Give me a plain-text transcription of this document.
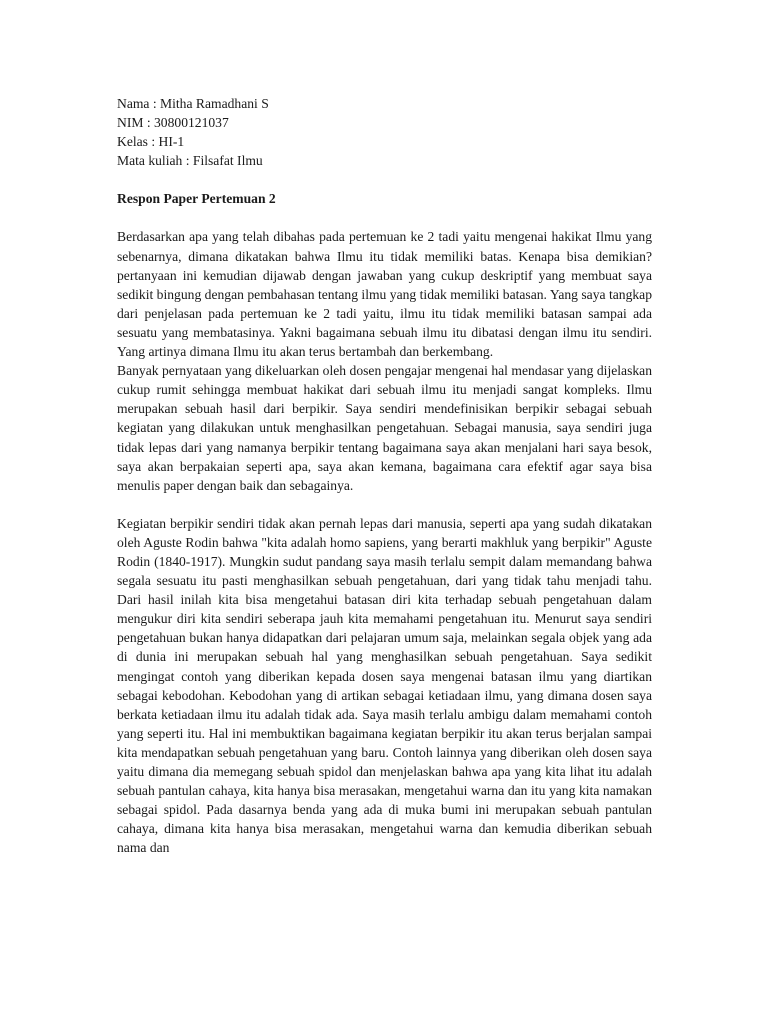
Nama : Mitha Ramadhani S
NIM : 30800121037
Kelas : HI-1
Mata kuliah : Filsafat Ilmu
Respon Paper Pertemuan 2

Berdasarkan apa yang telah dibahas pada pertemuan ke 2 tadi yaitu mengenai hakikat Ilmu yang sebenarnya, dimana dikatakan bahwa Ilmu itu tidak memiliki batas. Kenapa bisa demikian? pertanyaan ini kemudian dijawab dengan jawaban yang cukup deskriptif yang membuat saya sedikit bingung dengan pembahasan tentang ilmu yang tidak memiliki batasan. Yang saya tangkap dari penjelasan pada pertemuan ke 2 tadi yaitu, ilmu itu tidak memiliki batasan sampai ada sesuatu yang membatasinya. Yakni bagaimana sebuah ilmu itu dibatasi dengan ilmu itu sendiri. Yang artinya dimana Ilmu itu akan terus bertambah dan berkembang.

Banyak pernyataan yang dikeluarkan oleh dosen pengajar mengenai hal mendasar yang dijelaskan cukup rumit sehingga membuat hakikat dari sebuah ilmu itu menjadi sangat kompleks. Ilmu merupakan sebuah hasil dari berpikir. Saya sendiri mendefinisikan berpikir sebagai sebuah kegiatan yang dilakukan untuk menghasilkan pengetahuan. Sebagai manusia, saya sendiri juga tidak lepas dari yang namanya berpikir tentang bagaimana saya akan menjalani hari saya besok, saya akan berpakaian seperti apa, saya akan kemana, bagaimana cara efektif agar saya bisa menulis paper dengan baik dan sebagainya.

Kegiatan berpikir sendiri tidak akan pernah lepas dari manusia, seperti apa yang sudah dikatakan oleh Aguste Rodin bahwa "kita adalah homo sapiens, yang berarti makhluk yang berpikir" Aguste Rodin (1840-1917). Mungkin sudut pandang saya masih terlalu sempit dalam memandang bahwa segala sesuatu itu pasti menghasilkan sebuah pengetahuan, dari yang tidak tahu menjadi tahu. Dari hasil inilah kita bisa mengetahui batasan diri kita terhadap sebuah pengetahuan dalam mengukur diri kita sendiri seberapa jauh kita memahami pengetahuan itu. Menurut saya sendiri pengetahuan bukan hanya didapatkan dari pelajaran umum saja, melainkan segala objek yang ada di dunia ini merupakan sebuah hal yang menghasilkan sebuah pengetahuan. Saya sedikit mengingat contoh yang diberikan kepada dosen saya mengenai batasan ilmu yang diartikan sebagai kebodohan. Kebodohan yang di artikan sebagai ketiadaan ilmu, yang dimana dosen saya berkata ketiadaan ilmu itu adalah tidak ada. Saya masih terlalu ambigu dalam memahami contoh yang seperti itu. Hal ini membuktikan bagaimana kegiatan berpikir itu akan terus berjalan sampai kita mendapatkan sebuah pengetahuan yang baru. Contoh lainnya yang diberikan oleh dosen saya yaitu dimana dia memegang sebuah spidol dan menjelaskan bahwa apa yang kita lihat itu adalah sebuah pantulan cahaya, kita hanya bisa merasakan, mengetahui warna dan itu yang kita namakan sebagai spidol. Pada dasarnya benda yang ada di muka bumi ini merupakan sebuah pantulan cahaya, dimana kita hanya bisa merasakan, mengetahui warna dan kemudia diberikan sebuah nama dan
